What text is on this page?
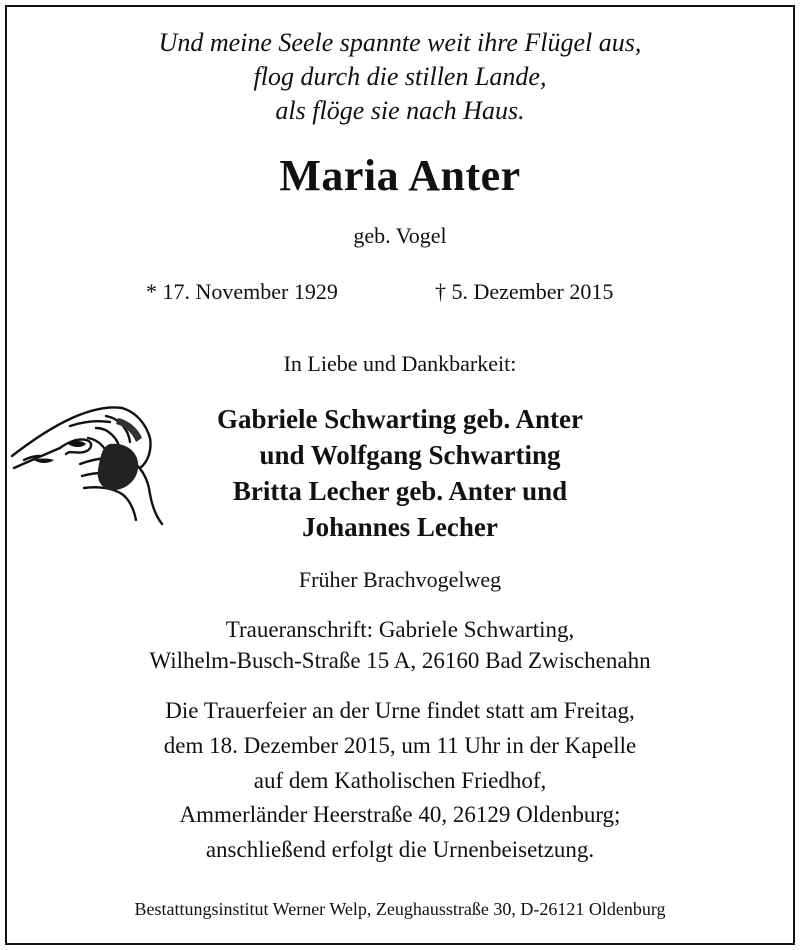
Und meine Seele spannte weit ihre Flügel aus,
flog durch die stillen Lande,
als flöge sie nach Haus.
Maria Anter
geb. Vogel
* 17. November 1929	† 5. Dezember 2015
In Liebe und Dankbarkeit:
Gabriele Schwarting geb. Anter
und Wolfgang Schwarting
Britta Lecher geb. Anter und
Johannes Lecher
Früher Brachvogelweg
Traueranschrift: Gabriele Schwarting,
Wilhelm-Busch-Straße 15 A, 26160 Bad Zwischenahn
Die Trauerfeier an der Urne findet statt am Freitag,
dem 18. Dezember 2015, um 11 Uhr in der Kapelle
auf dem Katholischen Friedhof,
Ammerländer Heerstraße 40, 26129 Oldenburg;
anschließend erfolgt die Urnenbeisetzung.
Bestattungsinstitut Werner Welp, Zeughausstraße 30, D-26121 Oldenburg
